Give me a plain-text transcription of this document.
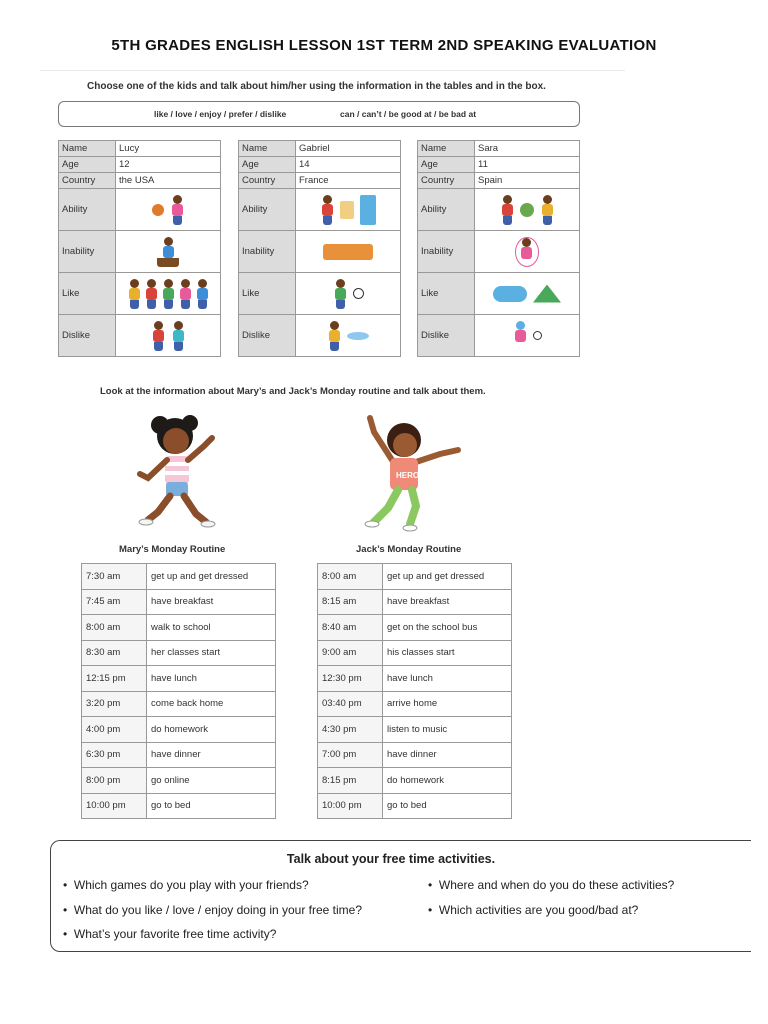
5TH GRADES ENGLISH LESSON 1ST TERM 2ND SPEAKING EVALUATION
Choose one of the kids and talk about him/her using the information in the tables and in the box.
like / love / enjoy / prefer / dislike	can / can’t / be good at / be bad at
Name	Lucy
Age	12
Country	the USA
Ability	

Inability	

Like	

Dislike	
Name	Gabriel
Age	14
Country	France
Ability	

Inability	

Like	

Dislike	
Name	Sara
Age	11
Country	Spain
Ability	

Inability	

Like	

Dislike	
Look at the information about Mary’s and Jack’s Monday routine and talk about them.
HERO
Mary’s Monday Routine	Jack’s Monday Routine
7:30 am	get up and get dressed
7:45 am	have breakfast
8:00 am	walk to school
8:30 am	her classes start
12:15 pm	have lunch
3:20 pm	come back home
4:00 pm	do homework
6:30 pm	have dinner
8:00 pm	go online
10:00 pm	go to bed
8:00 am	get up and get dressed
8:15 am	have breakfast
8:40 am	get on the school bus
9:00 am	his classes start
12:30 pm	have lunch
03:40 pm	arrive home
4:30 pm	listen to music
7:00 pm	have dinner
8:15 pm	do homework
10:00 pm	go to bed
Talk about your free time activities.
•  Which games do you play with your friends?
•  What do you like / love / enjoy doing in your free time?
•  What’s your favorite free time activity?
•  Where and when do you do these activities?
•  Which activities are you good/bad at?
